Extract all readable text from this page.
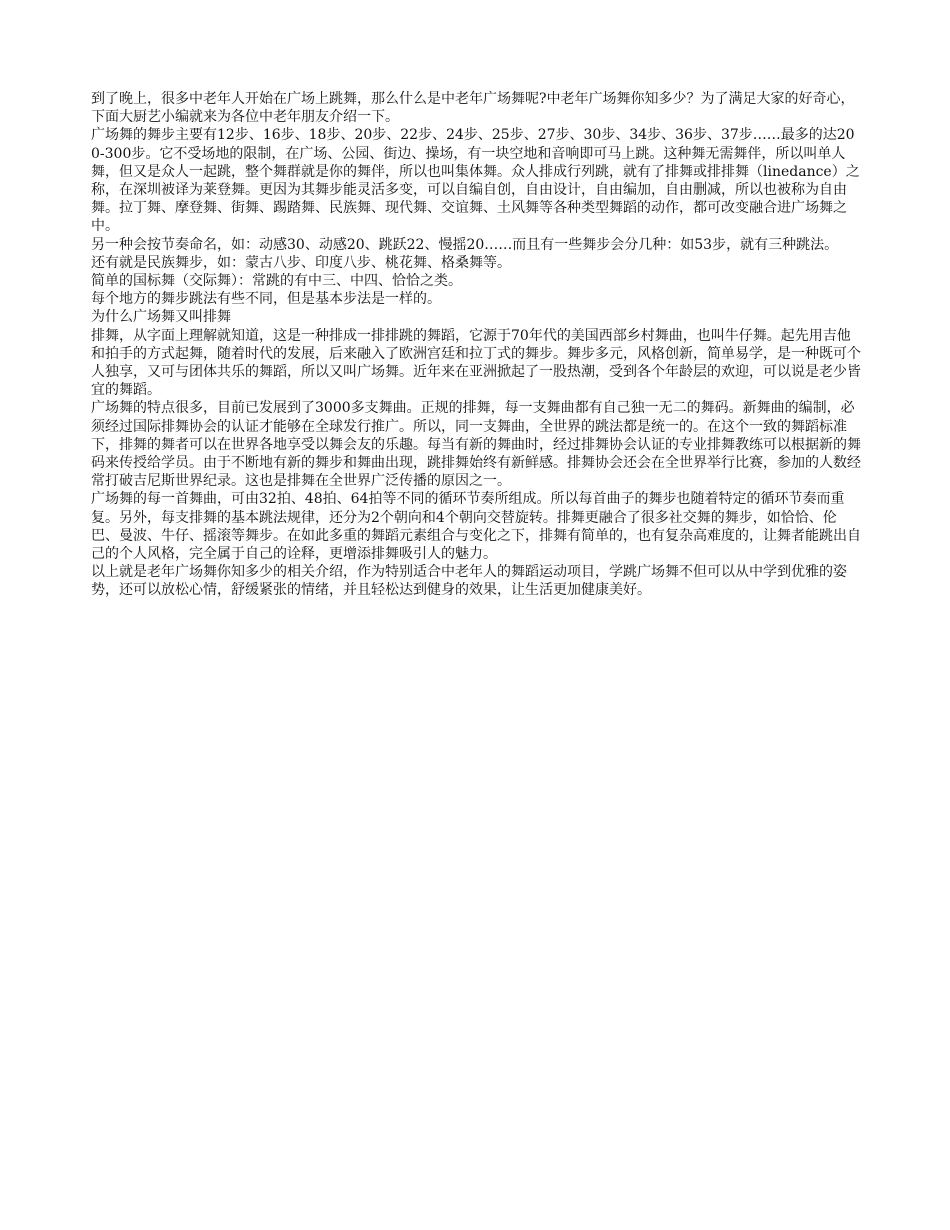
到了晚上，很多中老年人开始在广场上跳舞，那么什么是中老年广场舞呢?中老年广场舞你知多少？为了满足大家的好奇心，下面大厨艺小编就来为各位中老年朋友介绍一下。

广场舞的舞步主要有12步、16步、18步、20步、22步、24步、25步、27步、30步、34步、36步、37步……最多的达200-300步。它不受场地的限制，在广场、公园、街边、操场，有一块空地和音响即可马上跳。这种舞无需舞伴，所以叫单人舞，但又是众人一起跳，整个舞群就是你的舞伴，所以也叫集体舞。众人排成行列跳，就有了排舞或排排舞（linedance）之称，在深圳被译为莱登舞。更因为其舞步能灵活多变，可以自编自创，自由设计，自由编加，自由删减，所以也被称为自由舞。拉丁舞、摩登舞、街舞、踢踏舞、民族舞、现代舞、交谊舞、土风舞等各种类型舞蹈的动作，都可改变融合进广场舞之中。

另一种会按节奏命名，如：动感30、动感20、跳跃22、慢摇20……而且有一些舞步会分几种：如53步，就有三种跳法。

还有就是民族舞步，如：蒙古八步、印度八步、桃花舞、格桑舞等。

简单的国标舞（交际舞）：常跳的有中三、中四、恰恰之类。

每个地方的舞步跳法有些不同，但是基本步法是一样的。

为什么广场舞又叫排舞

排舞，从字面上理解就知道，这是一种排成一排排跳的舞蹈，它源于70年代的美国西部乡村舞曲，也叫牛仔舞。起先用吉他和拍手的方式起舞，随着时代的发展，后来融入了欧洲宫廷和拉丁式的舞步。舞步多元，风格创新，简单易学，是一种既可个人独享，又可与团体共乐的舞蹈，所以又叫广场舞。近年来在亚洲掀起了一股热潮，受到各个年龄层的欢迎，可以说是老少皆宜的舞蹈。

广场舞的特点很多，目前已发展到了3000多支舞曲。正规的排舞，每一支舞曲都有自己独一无二的舞码。新舞曲的编制，必须经过国际排舞协会的认证才能够在全球发行推广。所以，同一支舞曲，全世界的跳法都是统一的。在这个一致的舞蹈标准下，排舞的舞者可以在世界各地享受以舞会友的乐趣。每当有新的舞曲时，经过排舞协会认证的专业排舞教练可以根据新的舞码来传授给学员。由于不断地有新的舞步和舞曲出现，跳排舞始终有新鲜感。排舞协会还会在全世界举行比赛，参加的人数经常打破吉尼斯世界纪录。这也是排舞在全世界广泛传播的原因之一。

广场舞的每一首舞曲，可由32拍、48拍、64拍等不同的循环节奏所组成。所以每首曲子的舞步也随着特定的循环节奏而重复。另外，每支排舞的基本跳法规律，还分为2个朝向和4个朝向交替旋转。排舞更融合了很多社交舞的舞步，如恰恰、伦巴、曼波、牛仔、摇滚等舞步。在如此多重的舞蹈元素组合与变化之下，排舞有简单的，也有复杂高难度的，让舞者能跳出自己的个人风格，完全属于自己的诠释，更增添排舞吸引人的魅力。

以上就是老年广场舞你知多少的相关介绍，作为特别适合中老年人的舞蹈运动项目，学跳广场舞不但可以从中学到优雅的姿势，还可以放松心情，舒缓紧张的情绪，并且轻松达到健身的效果，让生活更加健康美好。
